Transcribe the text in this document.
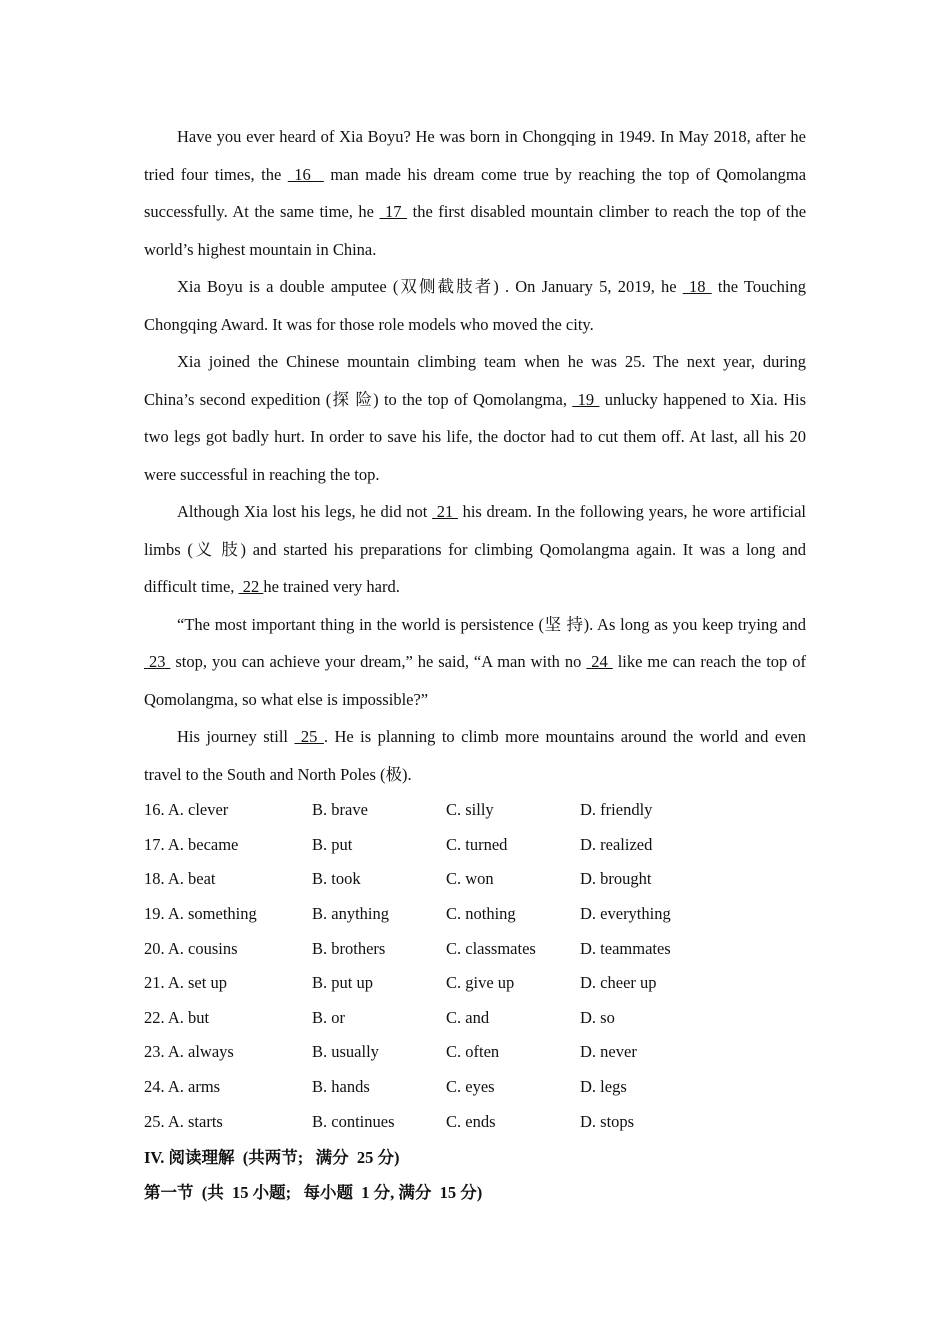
Have you ever heard of Xia Boyu? He was born in Chongqing in 1949. In May 2018, after he tried four times, the  16   man made his dream come true by reaching the top of Qomolangma successfully. At the same time, he  17  the first disabled mountain climber to reach the top of the world’s highest mountain in China.

Xia Boyu is a double amputee (双侧截肢者) . On January 5, 2019, he  18  the Touching Chongqing Award. It was for those role models who moved the city.

Xia joined the Chinese mountain climbing team when he was 25. The next year, during China’s second expedition (探 险) to the top of Qomolangma,  19  unlucky happened to Xia. His two legs got badly hurt. In order to save his life, the doctor had to cut them off. At last, all his 20 were successful in reaching the top.

Although Xia lost his legs, he did not  21  his dream. In the following years, he wore artificial limbs (义 肢) and started his preparations for climbing Qomolangma again. It was a long and difficult time,  22 he trained very hard.

“The most important thing in the world is persistence (坚 持). As long as you keep trying and  23  stop, you can achieve your dream,” he said, “A man with no  24  like me can reach the top of Qomolangma, so what else is impossible?”

His journey still  25 . He is planning to climb more mountains around the world and even travel to the South and North Poles (极).

16. A. clever	B. brave	C. silly	D. friendly
17. A. became	B. put	C. turned	D. realized
18. A. beat	B. took	C. won	D. brought
19. A. something	B. anything	C. nothing	D. everything
20. A. cousins	B. brothers	C. classmates	D. teammates
21. A. set up	B. put up	C. give up	D. cheer up
22. A. but	B. or	C. and	D. so
23. A. always	B. usually	C. often	D. never
24. A. arms	B. hands	C. eyes	D. legs
25. A. starts	B. continues	C. ends	D. stops
IV. 阅读理解  (共两节;   满分  25 分)
第一节  (共  15 小题;   每小题  1 分, 满分  15 分)
